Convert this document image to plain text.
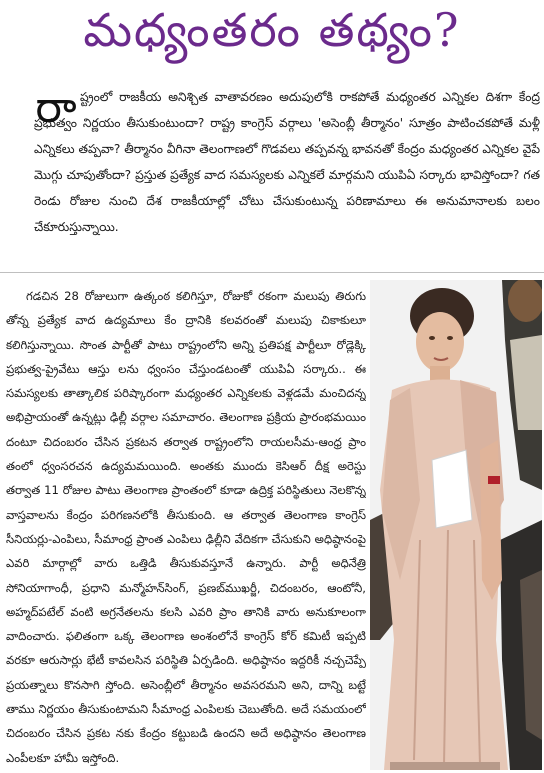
మధ్యంతరం తథ్యం?
రా ష్ట్రంలో రాజకీయ అనిశ్చిత వాతావరణం అదుపులోకి రాకపోతే మధ్యంతర ఎన్నికల దిశగా కేంద్ర ప్రభుత్వం నిర్ణయం తీసుకుంటుందా? రాష్ట్ర కాంగ్రెస్ వర్గాలు 'అసెంబ్లీ తీర్మానం' సూత్రం పాటించకపోతే మళ్లీ ఎన్నికలు తప్పవా? తీర్మానం వీగినా తెలంగాణలో గొడవలు తప్పవన్న భావనతో కేంద్రం మధ్యంతర ఎన్నికల వైపే మొగ్గు చూపుతోందా? ప్రస్తుత ప్రత్యేక వాద సమస్యలకు ఎన్నికలే మార్గమని యుపిఏ సర్కారు భావిస్తోందా? గత రెండు రోజుల నుంచి దేశ రాజకీయాల్లో చోటు చేసుకుంటున్న పరిణామాలు ఈ అనుమానాలకు బలం చేకూరుస్తున్నాయి.

గడచిన 28 రోజులుగా ఉత్కంఠ కలిగిస్తూ, రోజుకో రకంగా మలుపు తిరుగు తోన్న ప్రత్యేక వాద ఉద్యమాలు కేం ద్రానికి కలవరంతో మలుపు చికాకులూ కలిగిస్తున్నాయి. సొంత పార్టీతో పాటు రాష్ట్రంలోని అన్ని ప్రతిపక్ష పార్టీలూ రోడ్లెక్కి ప్రభుత్వ-ప్రైవేటు ఆస్తు లను ధ్వంసం చేస్తుండటంతో యుపిఏ సర్కారు.. ఈ సమస్యలకు తాత్కాలిక పరిష్కారంగా మధ్యంతర ఎన్నికలకు వెళ్లడమే మంచిదన్న అభిప్రాయంతో ఉన్నట్లు ఢిల్లీ వర్గాల సమాచారం. తెలంగాణ ప్రక్రియ ప్రారంభమయిం దంటూ చిదంబరం చేసిన ప్రకటన తర్వాత రాష్ట్రంలోని రాయలసీమ-ఆంధ్ర ప్రాం తంలో ధ్వంసరచన ఉద్యమమయింది. అంతకు ముందు కెసిఆర్ దీక్ష అరెస్టు తర్వాత 11 రోజుల పాటు తెలంగాణ ప్రాంతంలో కూడా ఉద్రిక్త పరిస్థితులు నెలకొన్న వాస్తవాలను కేంద్రం పరిగణనలోకి తీసుకుంది. ఆ తర్వాత తెలంగాణ కాంగ్రెస్ సీనియర్లు-ఎంపిలు, సీమాంధ్ర ప్రాంత ఎంపిలు ఢిల్లీని వేదికగా చేసుకుని అధిష్ఠానంపై ఎవరి మార్గాల్లో వారు ఒత్తిడి తీసుకువస్తూనే ఉన్నారు. పార్టీ అధినేత్రి సోనియాగాంధీ, ప్రధాని మన్మోహన్‌సింగ్, ప్రణబ్‌ముఖర్జీ, చిదంబరం, ఆంటోనీ, అహ్మద్‌పటేల్ వంటి అగ్రనేతలను కలసి ఎవరి ప్రాం తానికి వారు అనుకూలంగా వాదించారు. ఫలితంగా ఒక్క తెలంగాణ అంశంలోనే కాంగ్రెస్ కోర్ కమిటీ ఇప్పటి వరకూ ఆరుసార్లు భేటీ కావలసిన పరిస్థితి ఏర్పడింది. అధిష్ఠానం ఇద్దరికీ నచ్చచెప్పే ప్రయత్నాలు కొనసాగి స్తోంది. అసెంబ్లీలో తీర్మానం అవసరమని అని, దాన్ని బట్టే తాము నిర్ణయం తీసుకుంటామని సీమాంధ్ర ఎంపిలకు చెబుతోంది. అదే సమయంలో చిదంబరం చేసిన ప్రకట నకు కేంద్రం కట్టుబడి ఉందని అదే అధిష్ఠానం తెలంగాణ ఎంపీలకూ హామీ ఇస్తోంది.
